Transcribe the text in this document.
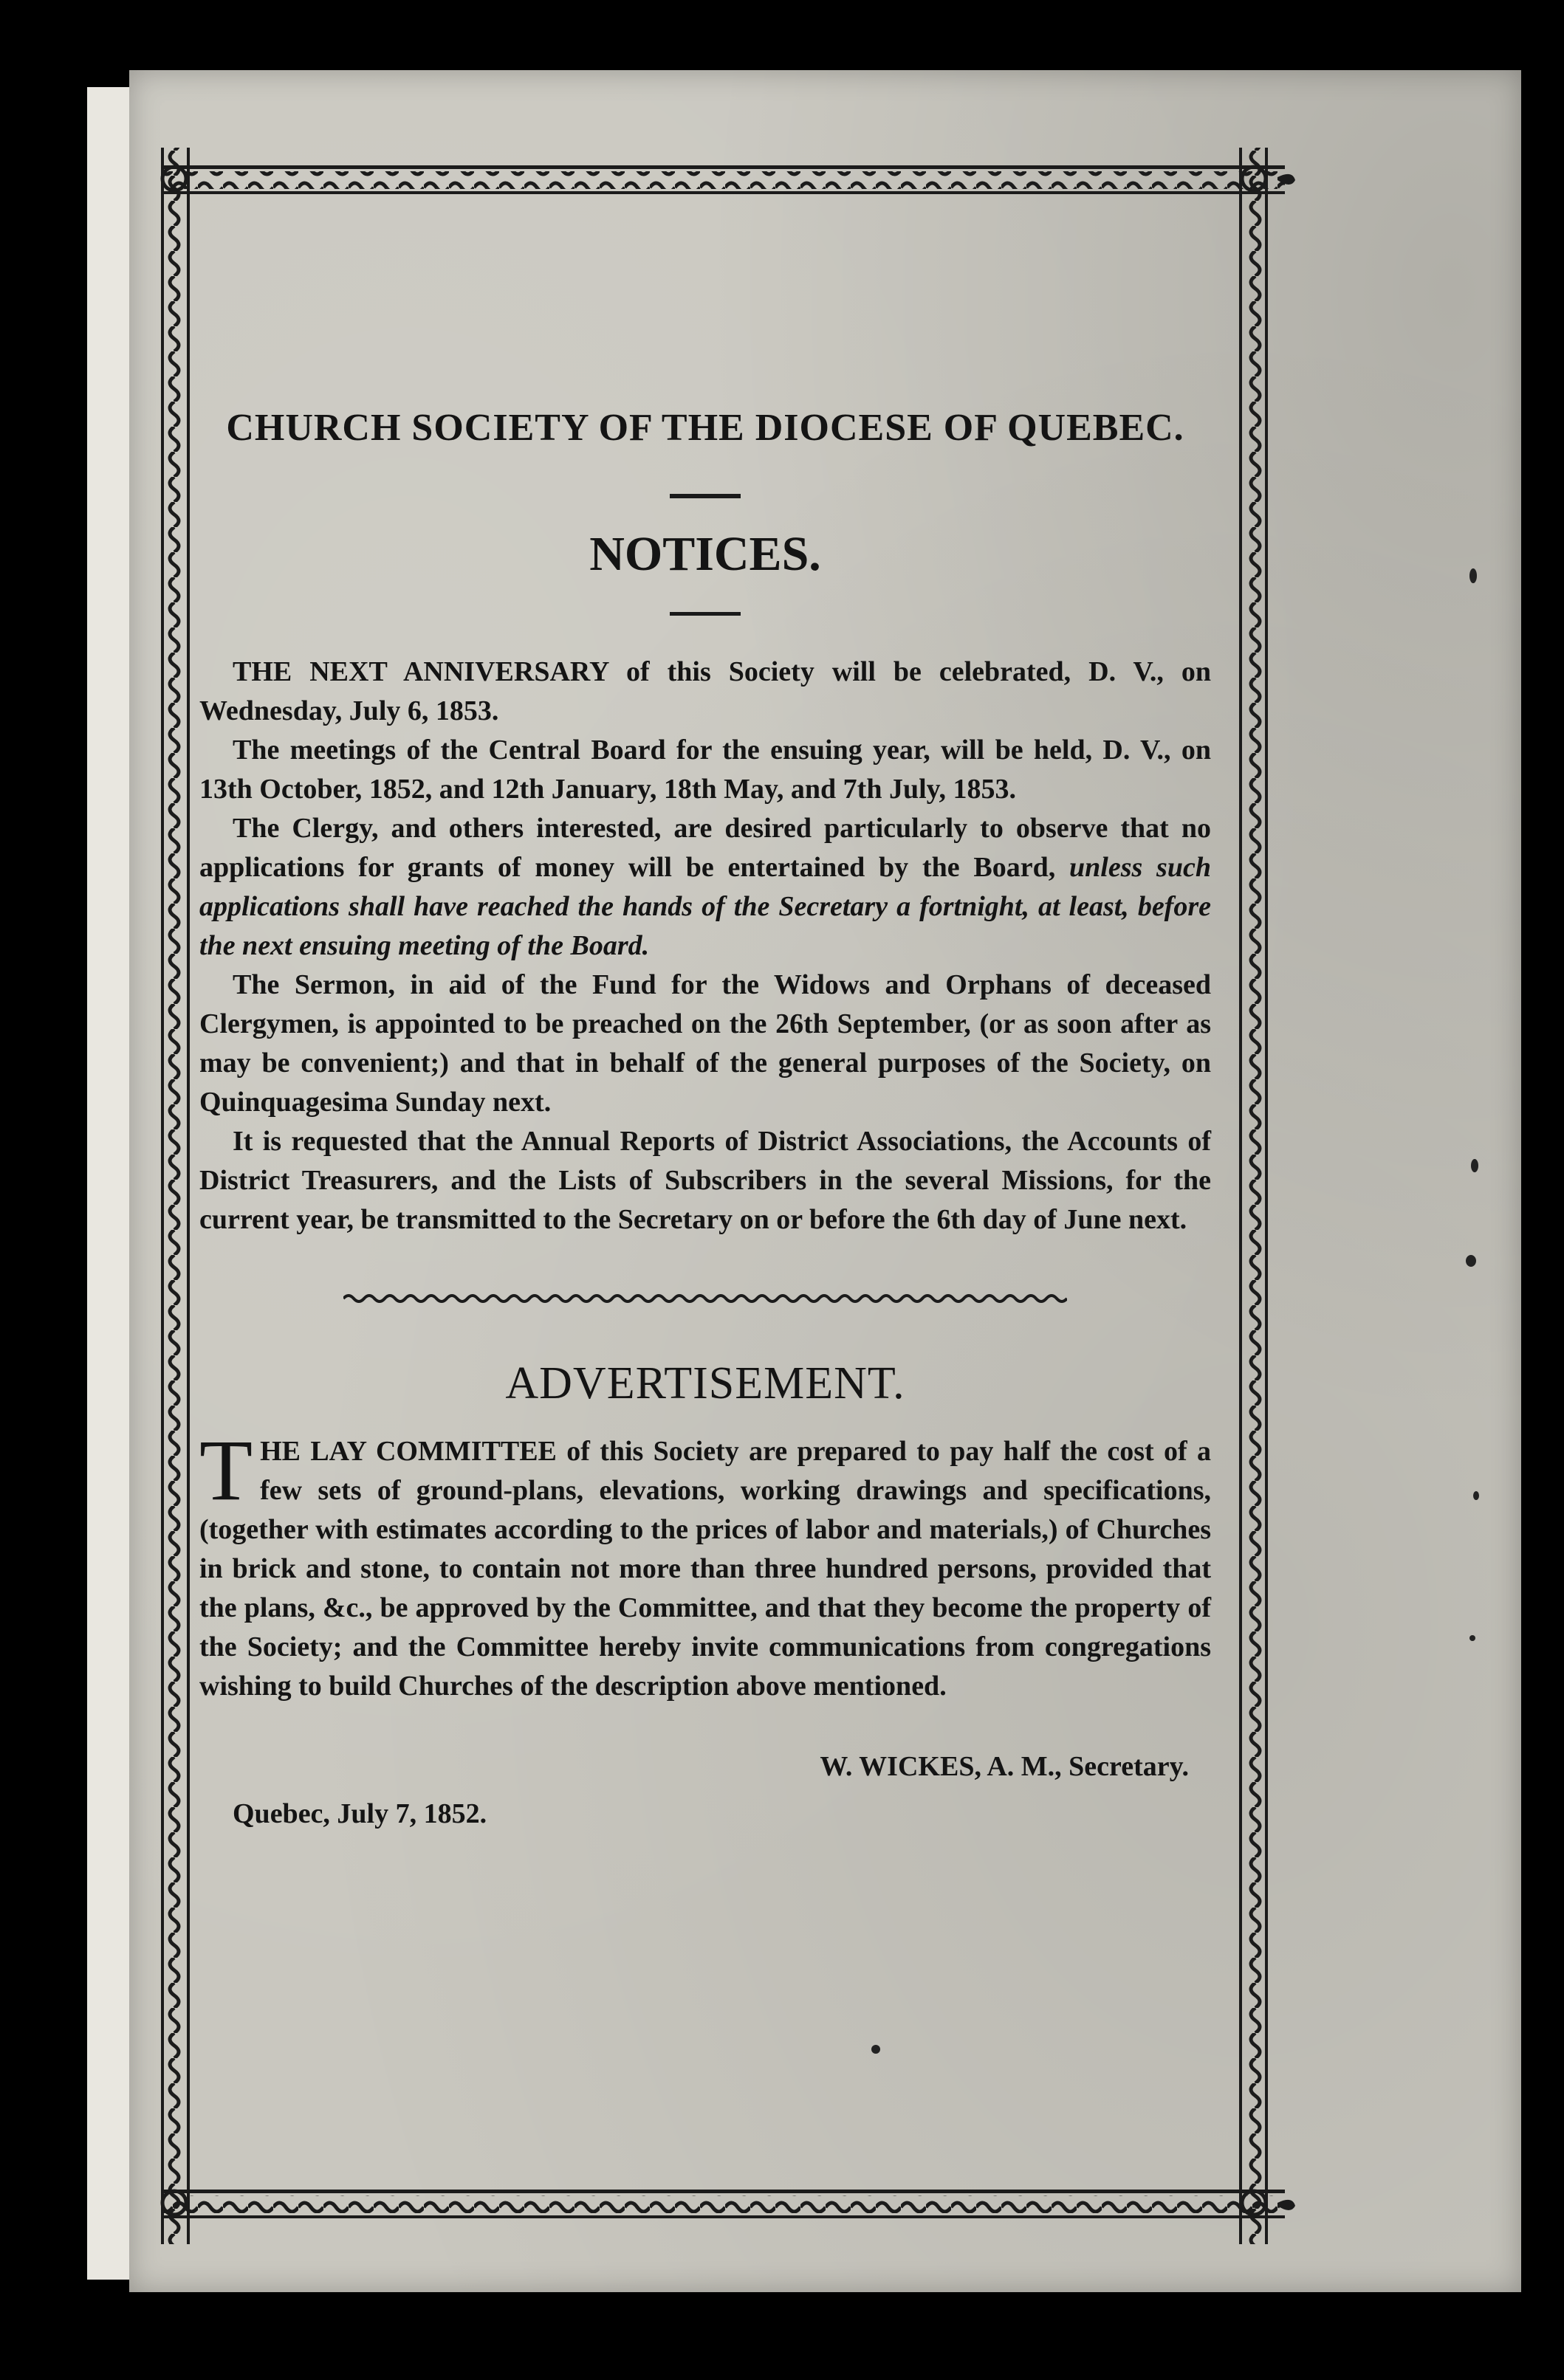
CHURCH SOCIETY OF THE DIOCESE OF QUEBEC.
NOTICES.

THE NEXT ANNIVERSARY of this Society will be celebrated, D. V., on Wednesday, July 6, 1853.

The meetings of the Central Board for the ensuing year, will be held, D. V., on 13th October, 1852, and 12th January, 18th May, and 7th July, 1853.

The Clergy, and others interested, are desired particularly to observe that no applications for grants of money will be entertained by the Board, unless such applications shall have reached the hands of the Secretary a fortnight, at least, before the next ensuing meeting of the Board.

The Sermon, in aid of the Fund for the Widows and Orphans of deceased Clergymen, is appointed to be preached on the 26th September, (or as soon after as may be convenient;) and that in behalf of the general purposes of the Society, on Quinquagesima Sunday next.

It is requested that the Annual Reports of District Associations, the Accounts of District Treasurers, and the Lists of Subscribers in the several Missions, for the current year, be transmitted to the Secretary on or before the 6th day of June next.

ADVERTISEMENT.

THE LAY COMMITTEE of this Society are prepared to pay half the cost of a few sets of ground-plans, elevations, working drawings and specifications, (together with estimates according to the prices of labor and materials,) of Churches in brick and stone, to contain not more than three hundred persons, provided that the plans, &c., be approved by the Committee, and that they become the property of the Society; and the Committee hereby invite communications from congregations wishing to build Churches of the description above mentioned.

W. WICKES, A. M., Secretary.
Quebec, July 7, 1852.
